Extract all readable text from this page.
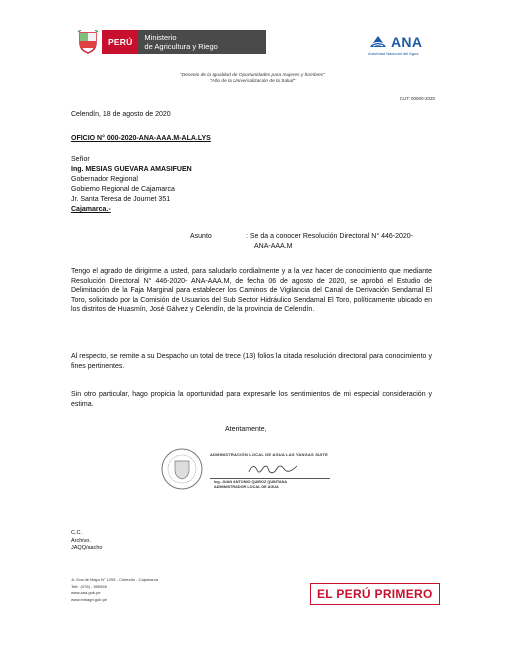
PERÚ	Ministerio
de Agricultura y Riego	ANA
Autoridad Nacional del Agua
"Decenio de la Igualdad de Oportunidades para mujeres y hombres"
"Año de la Universalización de la Salud"
CUT: 00000-2020
Celendín, 18 de agosto de 2020
OFICIO N° 000-2020-ANA-AAA.M-ALA.LYS
Señor
Ing. MESIAS GUEVARA AMASIFUEN
Gobernador Regional
Gobierno Regional de Cajamarca
Jr. Santa Teresa de Journet 351
Cajamarca.-
Asunto	: Se da a conocer Resolución Directoral N° 446-2020-
ANA-AAA.M
Tengo el agrado de dirigirme a usted, para saludarlo cordialmente y a la vez hacer de conocimiento que mediante Resolución Directoral N° 446-2020- ANA-AAA.M, de fecha 06 de agosto de 2020, se aprobó el Estudio de Delimitación de la Faja Marginal para establecer los Caminos de Vigilancia del Canal de Derivación Sendamal El Toro, solicitado por la Comisión de Usuarios del Sub Sector Hidráulico Sendamal El Toro, políticamente ubicado en los distritos de Huasmín, José Gálvez y Celendín, de la provincia de Celendín.
Al respecto, se remite a su Despacho un total de trece (13) folios la citada resolución directoral para conocimiento y fines pertinentes.
Sin otro particular, hago propicia la oportunidad para expresarle los sentimientos de mi especial consideración y estima.
Atentamente,
ADMINISTRACIÓN LOCAL DE AGUA LAS YANGAS SUITE
Ing. JUAN ANTONIO QUIROZ QUINTANA
ADMINISTRADOR LOCAL DE AGUA
C.C.
Archivo.
JAQQ/aacho
Jr. Dos de Mayo N° 1205 - Celendín - Cajamarca
Telf.: (076) - 555555
www.ana.gob.pe
www.minagri.gob.pe	EL PERÚ PRIMERO
